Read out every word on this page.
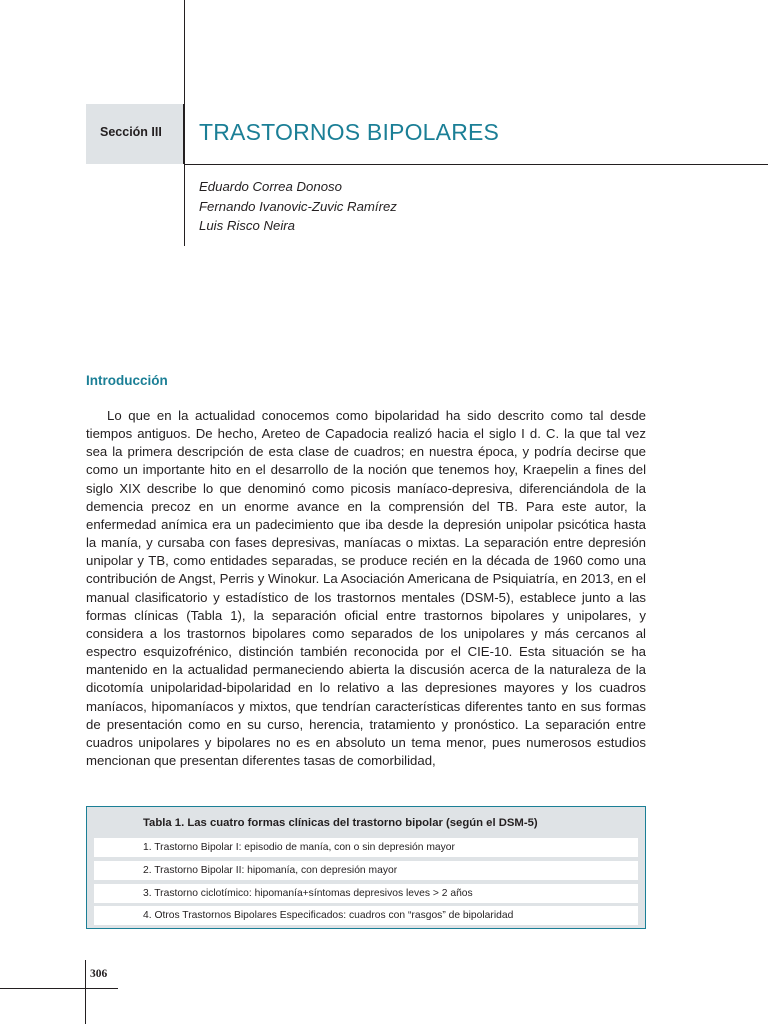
Sección III TRASTORNOS BIPOLARES
Eduardo Correa Donoso
Fernando Ivanovic-Zuvic Ramírez
Luis Risco Neira
Introducción
Lo que en la actualidad conocemos como bipolaridad ha sido descrito como tal desde tiempos antiguos. De hecho, Areteo de Capadocia realizó hacia el siglo I d. C. la que tal vez sea la primera descripción de esta clase de cuadros; en nuestra época, y podría decirse que como un importante hito en el desarrollo de la noción que tenemos hoy, Kraepelin a fines del siglo XIX describe lo que denominó como picosis maníaco-depresiva, diferenciándola de la demencia precoz en un enorme avance en la comprensión del TB. Para este autor, la enfermedad anímica era un padecimiento que iba desde la depresión unipolar psicótica hasta la manía, y cursaba con fases depresivas, maníacas o mixtas. La separación entre depresión unipolar y TB, como entidades separadas, se produce recién en la década de 1960 como una contribución de Angst, Perris y Winokur. La Asociación Americana de Psiquiatría, en 2013, en el manual clasificatorio y estadístico de los trastornos mentales (DSM-5), establece junto a las formas clínicas (Tabla 1), la separación oficial entre trastornos bipolares y unipolares, y considera a los trastornos bipolares como separados de los unipolares y más cercanos al espectro esquizofrénico, distinción también reconocida por el CIE-10. Esta situación se ha mantenido en la actualidad permaneciendo abierta la discusión acerca de la naturaleza de la dicotomía unipolaridad-bipolaridad en lo relativo a las depresiones mayores y los cuadros maníacos, hipomaníacos y mixtos, que tendrían características diferentes tanto en sus formas de presentación como en su curso, herencia, tratamiento y pronóstico. La separación entre cuadros unipolares y bipolares no es en absoluto un tema menor, pues numerosos estudios mencionan que presentan diferentes tasas de comorbilidad,
Tabla 1. Las cuatro formas clínicas del trastorno bipolar (según el DSM-5)
1. Trastorno Bipolar I: episodio de manía, con o sin depresión mayor
2. Trastorno Bipolar II: hipomanía, con depresión mayor
3. Trastorno ciclotímico: hipomanía+síntomas depresivos leves > 2 años
4. Otros Trastornos Bipolares Especificados: cuadros con “rasgos” de bipolaridad
306
